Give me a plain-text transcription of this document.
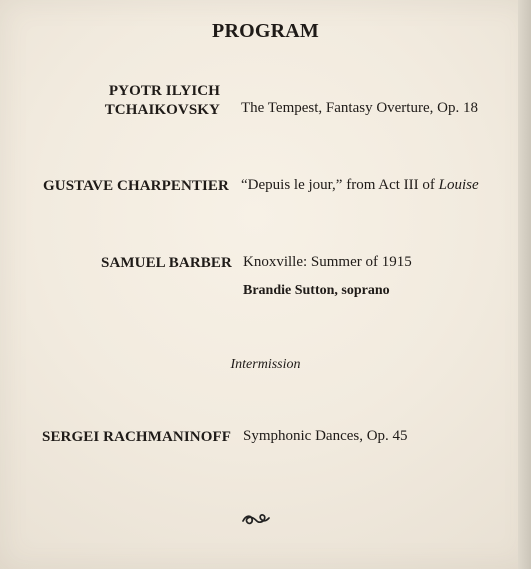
PROGRAM
PYOTR ILYICH
TCHAIKOVSKY The Tempest, Fantasy Overture, Op. 18
GUSTAVE CHARPENTIER “Depuis le jour,” from Act III of Louise
SAMUEL BARBER Knoxville: Summer of 1915
Brandie Sutton, soprano
Intermission
SERGEI RACHMANINOFF Symphonic Dances, Op. 45
